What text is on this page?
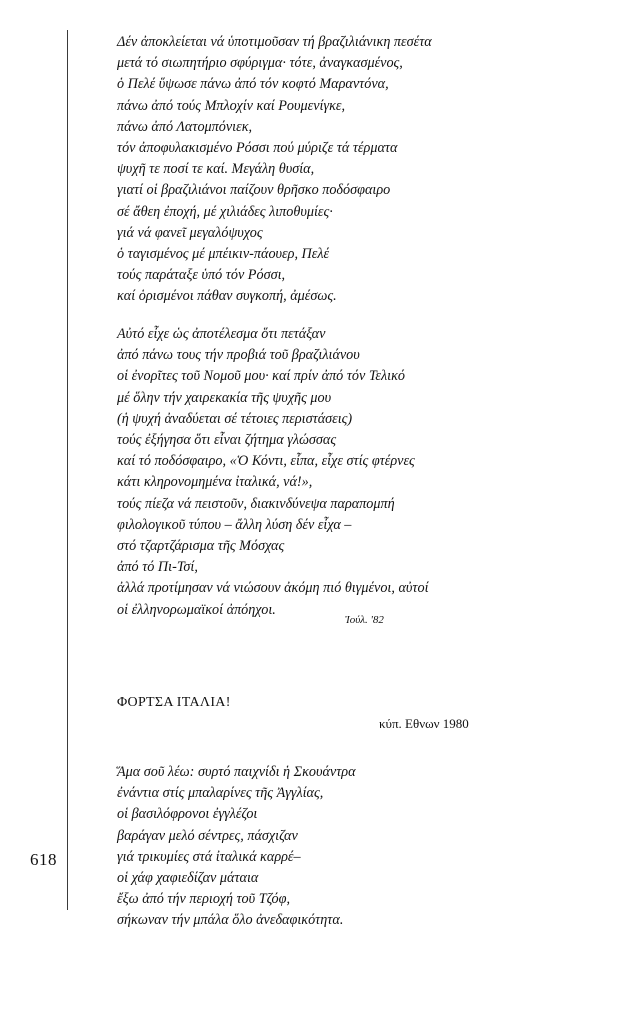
618
Δέν ἀποκλείεται νά ὑποτιμοῦσαν τή βραζιλιάνικη πεσέτα
μετά τό σιωπητήριο σφύριγμα· τότε, ἀναγκασμένος,
ὁ Πελέ ὕψωσε πάνω ἀπό τόν κοφτό Μαραντόνα,
πάνω ἀπό τούς Μπλοχίν καί Ρουμενίγκε,
πάνω ἀπό Λατομπόνιεκ,
τόν ἀποφυλακισμένο Ρόσσι πού μύριζε τά τέρματα
ψυχῆ τε ποσί τε καί. Μεγάλη θυσία,
γιατί οἱ βραζιλιάνοι παίζουν θρῆσκο ποδόσφαιρο
σέ ἄθεη ἐποχή, μέ χιλιάδες λιποθυμίες·
γιά νά φανεῖ μεγαλόψυχος
ὁ ταγισμένος μέ μπέικιν-πάουερ, Πελέ
τούς παράταξε ὑπό τόν Ρόσσι,
καί ὁρισμένοι πάθαν συγκοπή, ἀμέσως.
Αὐτό εἶχε ὡς ἀποτέλεσμα ὅτι πετάξαν
ἀπό πάνω τους τήν προβιά τοῦ βραζιλιάνου
οἱ ἐνορῖτες τοῦ Νομοῦ μου· καί πρίν ἀπό τόν Τελικό
μέ ὅλην τήν χαιρεκακία τῆς ψυχῆς μου
(ἡ ψυχή ἀναδύεται σέ τέτοιες περιστάσεις)
τούς ἐξήγησα ὅτι εἶναι ζήτημα γλώσσας
καί τό ποδόσφαιρο, «Ὁ Κόντι, εἶπα, εἶχε στίς φτέρνες
κάτι κληρονομημένα ἰταλικά, νά!»,
τούς πίεζα νά πειστοῦν, διακινδύνεψα παραπομπή
φιλολογικοῦ τύπου – ἄλλη λύση δέν εἶχα –
στό τζαρτζάρισμα τῆς Μόσχας
ἀπό τό Πι-Τσί,
ἀλλά προτίμησαν νά νιώσουν ἀκόμη πιό θιγμένοι, αὐτοί
οἱ ἐλληνορωμαϊκοί ἀπόηχοι.
Ἰούλ. '82
ΦΟΡΤΣΑ ΙΤΑΛΙΑ!
κύπ. Εθνων 1980
Ἅμα σοῦ λέω: συρτό παιχνίδι ἡ Σκουάντρα
ἐνάντια στίς μπαλαρίνες τῆς Ἀγγλίας,
οἱ βασιλόφρονοι ἐγγλέζοι
βαράγαν μελό σέντρες, πάσχιζαν
γιά τρικυμίες στά ἰταλικά καρρέ–
οἱ χάφ χαφιεδίζαν μάταια
ἔξω ἀπό τήν περιοχή τοῦ Τζόφ,
σήκωναν τήν μπάλα ὅλο ἀνεδαφικότητα.
